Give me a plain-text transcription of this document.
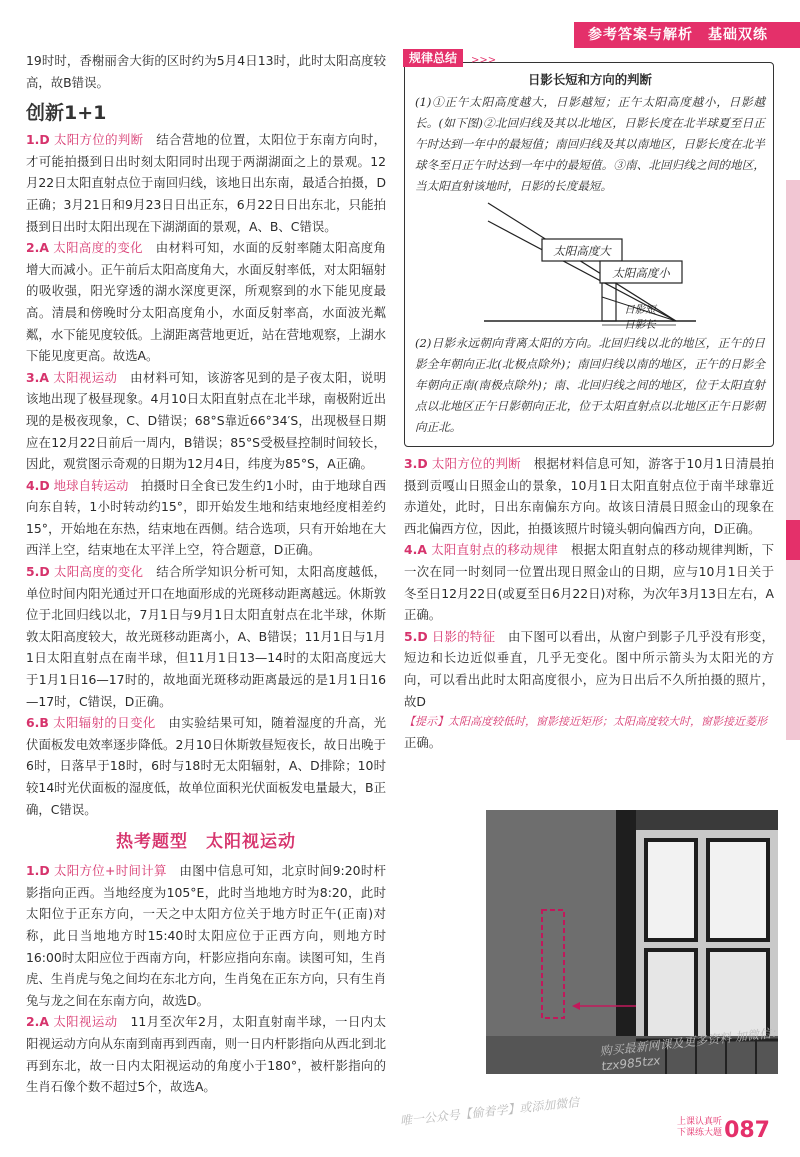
参考答案与解析　基础双练

19时时，香榭丽舍大街的区时约为5月4日13时，此时太阳高度较高，故B错误。

创新1+1

1.D 太阳方位的判断　 结合营地的位置，太阳位于东南方向时，才可能拍摄到日出时刻太阳同时出现于两湖湖面之上的景观。12月22日太阳直射点位于南回归线，该地日出东南，最适合拍摄，D正确；3月21日和9月23日日出正东，6月22日日出东北，只能拍摄到日出时太阳出现在下湖湖面的景观，A、B、C错误。

2.A 太阳高度的变化　 由材料可知，水面的反射率随太阳高度角增大而减小。正午前后太阳高度角大，水面反射率低，对太阳辐射的吸收强，阳光穿透的湖水深度更深，所观察到的水下能见度最高。清晨和傍晚时分太阳高度角小，水面反射率高，水面波光粼粼，水下能见度较低。上湖距离营地更近，站在营地观察，上湖水下能见度更高。故选A。

3.A 太阳视运动　 由材料可知，该游客见到的是子夜太阳，说明该地出现了极昼现象。4月10日太阳直射点在北半球，南极附近出现的是极夜现象，C、D错误；68°S靠近66°34′S，出现极昼日期应在12月22日前后一周内，B错误；85°S受极昼控制时间较长，因此，观赏图示奇观的日期为12月4日，纬度为85°S，A正确。

4.D 地球自转运动　 拍摄时日全食已发生约1小时，由于地球自西向东自转，1小时转动约15°，即开始发生地和结束地经度相差约15°，开始地在东热，结束地在西侧。结合选项，只有开始地在大西洋上空，结束地在太平洋上空，符合题意，D正确。

5.D 太阳高度的变化　 结合所学知识分析可知，太阳高度越低，单位时间内阳光通过开口在地面形成的光斑移动距离越远。休斯敦位于北回归线以北，7月1日与9月1日太阳直射点在北半球，休斯敦太阳高度较大，故光斑移动距离小，A、B错误；11月1日与1月1日太阳直射点在南半球，但11月1日13—14时的太阳高度远大于1月1日16—17时的，故地面光斑移动距离最远的是1月1日16—17时，C错误，D正确。

6.B 太阳辐射的日变化　 由实验结果可知，随着湿度的升高，光伏面板发电效率逐步降低。2月10日休斯敦昼短夜长，故日出晚于6时，日落早于18时，6时与18时无太阳辐射，A、D排除；10时较14时光伏面板的湿度低，故单位面积光伏面板发电量最大，B正确，C错误。

热考题型　太阳视运动

1.D 太阳方位+时间计算　 由图中信息可知，北京时间9:20时杆影指向正西。当地经度为105°E，此时当地地方时为8:20，此时太阳位于正东方向，一天之中太阳方位关于地方时正午(正南)对称，此日当地地方时15:40时太阳应位于正西方向，则地方时16:00时太阳应位于西南方向，杆影应指向东南。读图可知，生肖虎、生肖虎与兔之间均在东北方向，生肖兔在正东方向，只有生肖兔与龙之间在东南方向，故选D。

2.A 太阳视运动　 11月至次年2月，太阳直射南半球，一日内太阳视运动方向从东南到南再到西南，则一日内杆影指向从西北到北再到东北，故一日内太阳视运动的角度小于180°，被杆影指向的生肖石像个数不超过5个，故选A。

规律总结	>>>
日影长短和方向的判断

(1)①正午太阳高度越大，日影越短；正午太阳高度越小，日影越长。(如下图)②北回归线及其以北地区，日影长度在北半球夏至日正午时达到一年中的最短值；南回归线及其以南地区，日影长度在北半球冬至日正午时达到一年中的最短值。③南、北回归线之间的地区，当太阳直射该地时，日影的长度最短。

太阳高度大
太阳高度小
日影短
日影长

(2)日影永远朝向背离太阳的方向。北回归线以北的地区，正午的日影全年朝向正北(北极点除外)；南回归线以南的地区，正午的日影全年朝向正南(南极点除外)；南、北回归线之间的地区，位于太阳直射点以北地区正午日影朝向正北，位于太阳直射点以北地区正午日影朝向正北。

3.D 太阳方位的判断　 根据材料信息可知，游客于10月1日清晨拍摄到贡嘎山日照金山的景象，10月1日太阳直射点位于南半球靠近赤道处，此时，日出东南偏东方向。故该日清晨日照金山的现象在西北偏西方位，因此，拍摄该照片时镜头朝向偏西方向，D正确。

4.A 太阳直射点的移动规律　 根据太阳直射点的移动规律判断，下一次在同一时刻同一位置出现日照金山的日期，应与10月1日关于冬至日12月22日(或夏至日6月22日)对称，为次年3月13日左右，A正确。

5.D 日影的特征　 由下图可以看出，从窗户到影子几乎没有形变，短边和长边近似垂直，几乎无变化。图中所示箭头为太阳光的方向，可以看出此时太阳高度很小，应为日出后不久所拍摄的照片，故D

【提示】太阳高度较低时，窗影接近矩形；太阳高度较大时，窗影接近菱形

正确。

唯一公众号【偷着学】或添加微信
购买最新网课及更多资料 加微信：tzx985tzx
上课认真听
下课练大题 087
